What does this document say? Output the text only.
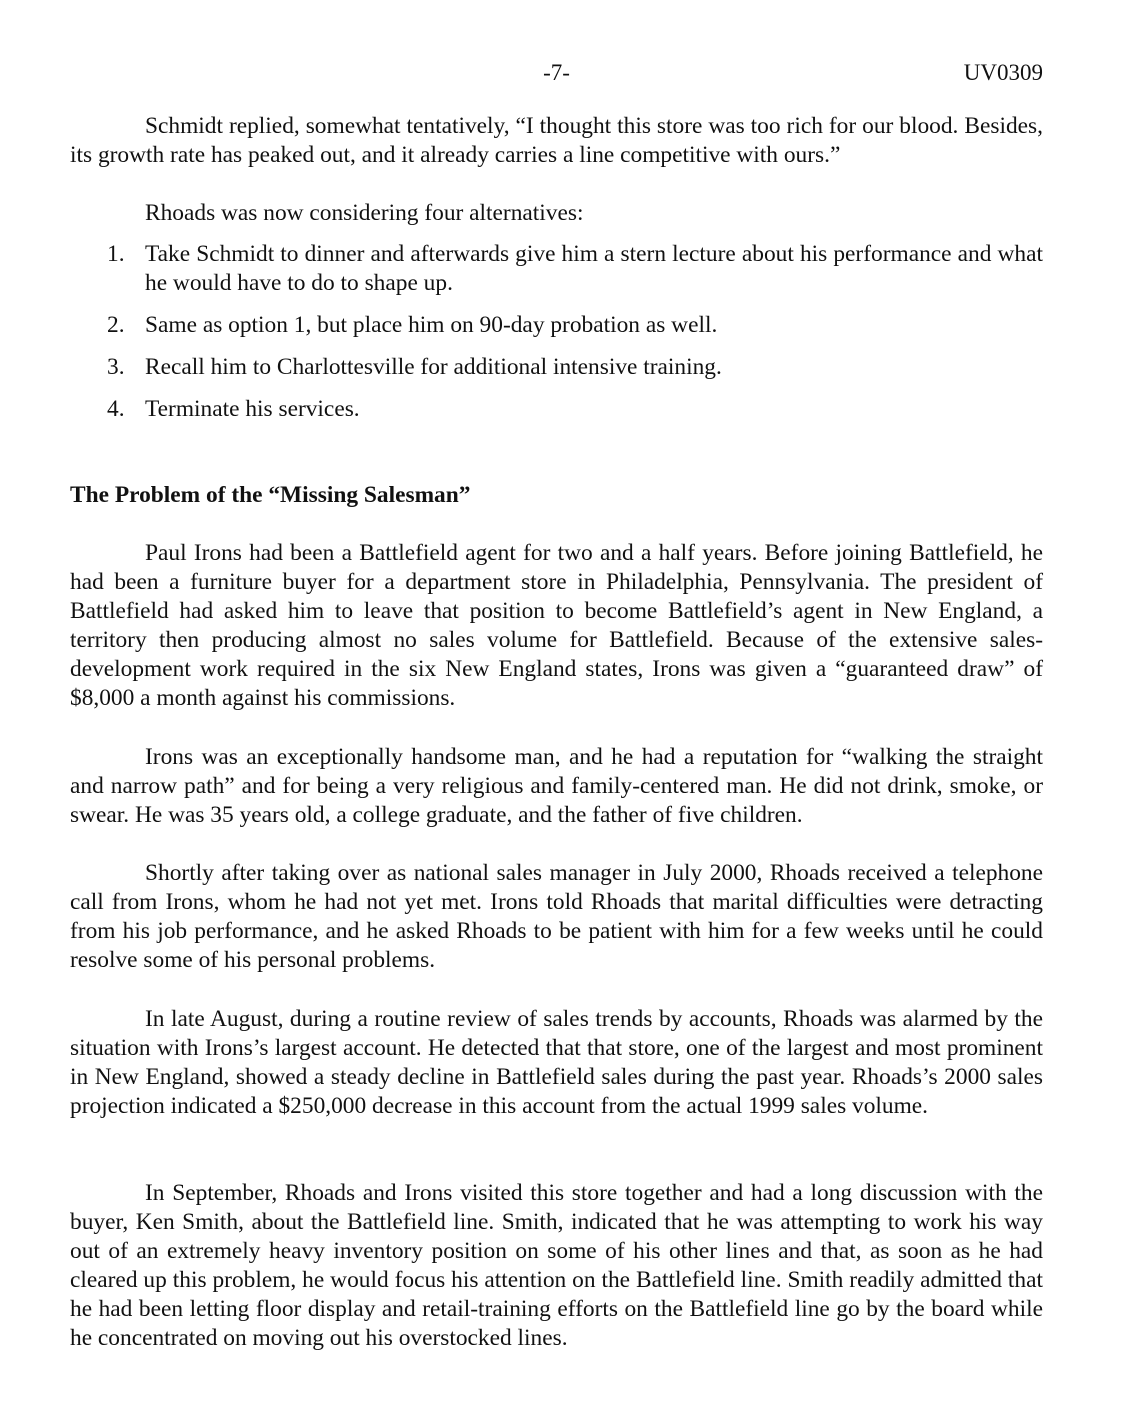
-7-	UV0309

Schmidt replied, somewhat tentatively, “I thought this store was too rich for our blood. Besides, its growth rate has peaked out, and it already carries a line competitive with ours.”

Rhoads was now considering four alternatives:

1. Take Schmidt to dinner and afterwards give him a stern lecture about his performance and what he would have to do to shape up.
2. Same as option 1, but place him on 90-day probation as well.
3. Recall him to Charlottesville for additional intensive training.
4. Terminate his services.
The Problem of the “Missing Salesman”

Paul Irons had been a Battlefield agent for two and a half years. Before joining Battlefield, he had been a furniture buyer for a department store in Philadelphia, Pennsylvania. The president of Battlefield had asked him to leave that position to become Battlefield’s agent in New England, a territory then producing almost no sales volume for Battlefield. Because of the extensive sales-development work required in the six New England states, Irons was given a “guaranteed draw” of $8,000 a month against his commissions.

Irons was an exceptionally handsome man, and he had a reputation for “walking the straight and narrow path” and for being a very religious and family-centered man. He did not drink, smoke, or swear. He was 35 years old, a college graduate, and the father of five children.

Shortly after taking over as national sales manager in July 2000, Rhoads received a telephone call from Irons, whom he had not yet met. Irons told Rhoads that marital difficulties were detracting from his job performance, and he asked Rhoads to be patient with him for a few weeks until he could resolve some of his personal problems.

In late August, during a routine review of sales trends by accounts, Rhoads was alarmed by the situation with Irons’s largest account. He detected that that store, one of the largest and most prominent in New England, showed a steady decline in Battlefield sales during the past year. Rhoads’s 2000 sales projection indicated a $250,000 decrease in this account from the actual 1999 sales volume.

In September, Rhoads and Irons visited this store together and had a long discussion with the buyer, Ken Smith, about the Battlefield line. Smith, indicated that he was attempting to work his way out of an extremely heavy inventory position on some of his other lines and that, as soon as he had cleared up this problem, he would focus his attention on the Battlefield line. Smith readily admitted that he had been letting floor display and retail-training efforts on the Battlefield line go by the board while he concentrated on moving out his overstocked lines.
